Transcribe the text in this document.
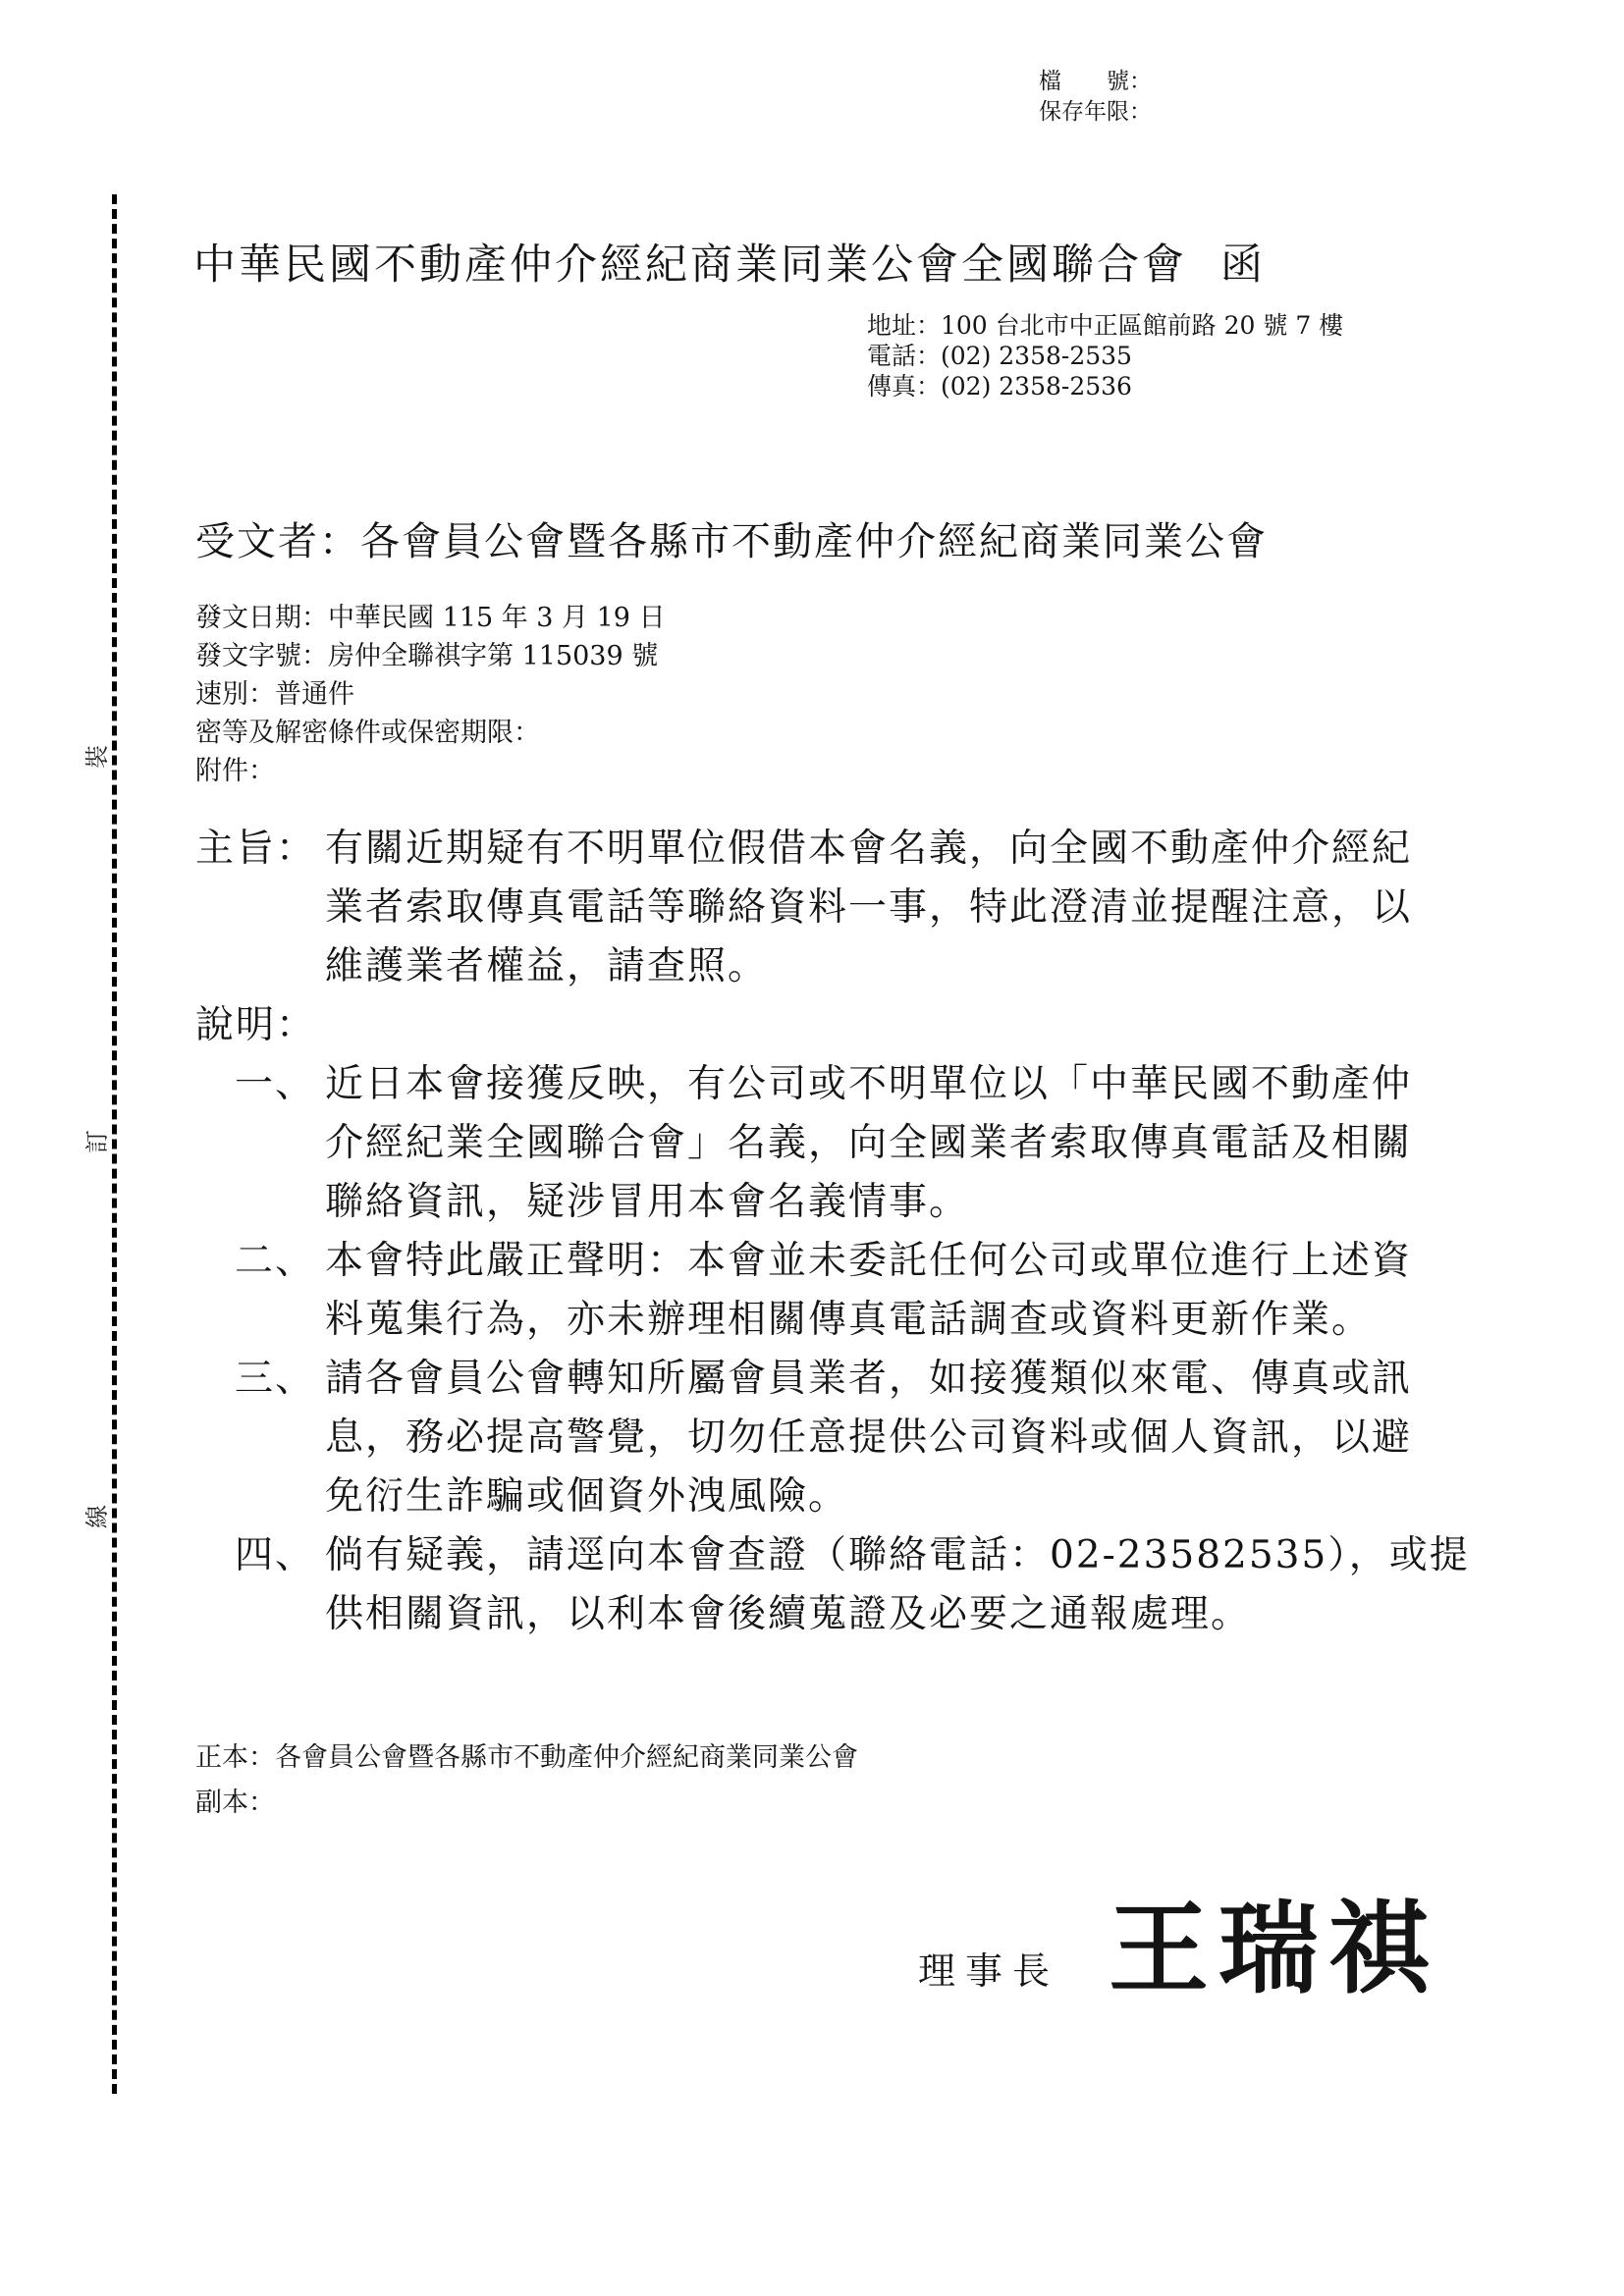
裝
訂
線
檔　　號：
保存年限：
中華民國不動產仲介經紀商業同業公會全國聯合會 函
地址：100 台北市中正區館前路 20 號 7 樓
電話：(02) 2358-2535
傳真：(02) 2358-2536
受文者：各會員公會暨各縣市不動產仲介經紀商業同業公會
發文日期：中華民國 115 年 3 月 19 日
發文字號：房仲全聯祺字第 115039 號
速別：普通件
密等及解密條件或保密期限：
附件：
主旨： 有關近期疑有不明單位假借本會名義，向全國不動產仲介經紀
業者索取傳真電話等聯絡資料一事，特此澄清並提醒注意，以
維護業者權益，請查照。
說明：
一、 近日本會接獲反映，有公司或不明單位以「中華民國不動產仲
介經紀業全國聯合會」名義，向全國業者索取傳真電話及相關
聯絡資訊，疑涉冒用本會名義情事。
二、 本會特此嚴正聲明：本會並未委託任何公司或單位進行上述資
料蒐集行為，亦未辦理相關傳真電話調查或資料更新作業。
三、 請各會員公會轉知所屬會員業者，如接獲類似來電、傳真或訊
息，務必提高警覺，切勿任意提供公司資料或個人資訊，以避
免衍生詐騙或個資外洩風險。
四、 倘有疑義，請逕向本會查證（聯絡電話：02-23582535），或提
供相關資訊，以利本會後續蒐證及必要之通報處理。
正本：各會員公會暨各縣市不動產仲介經紀商業同業公會
副本：
理事長 王瑞祺
